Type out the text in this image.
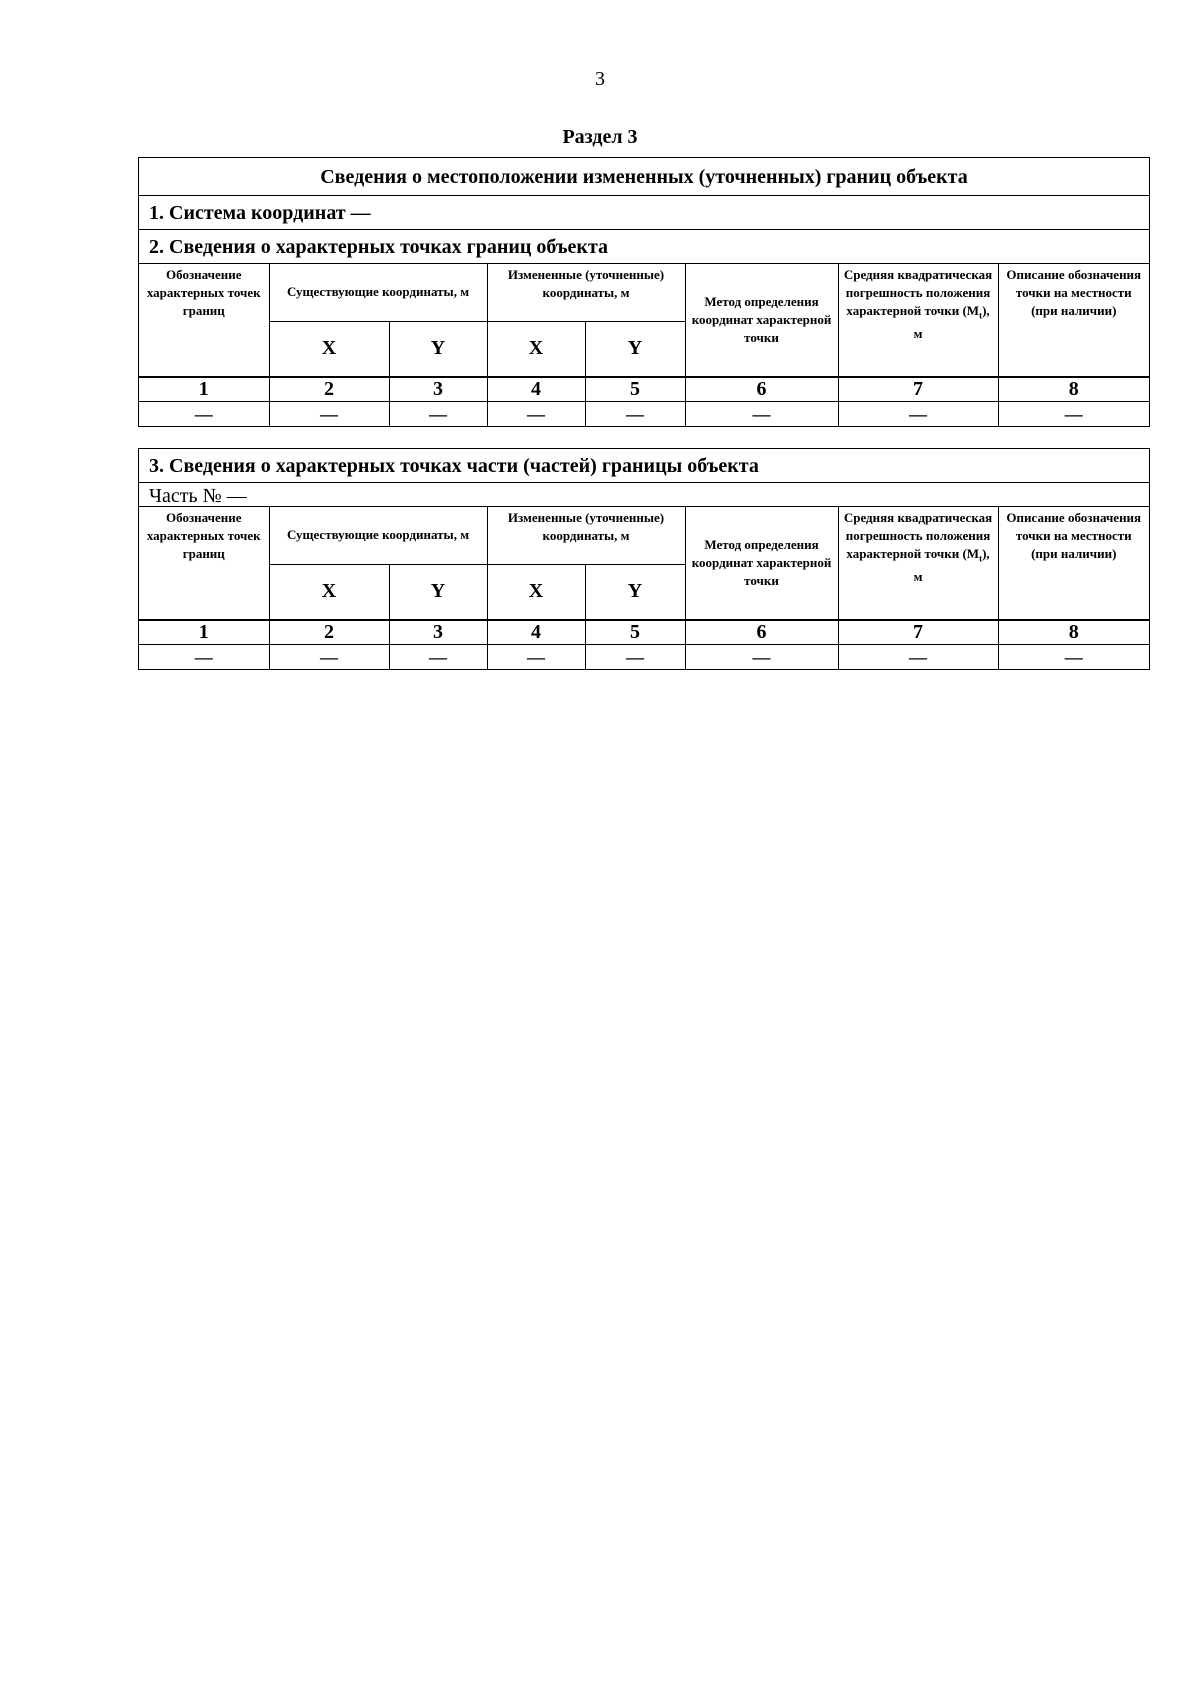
3
Раздел 3
Сведения о местоположении измененных (уточненных) границ объекта
1. Система координат —
2. Сведения о характерных точках границ объекта
Обозначение характерных точек границ	Существующие координаты, м		Измененные (уточненные) координаты, м		Метод определения координат характерной точки	Средняя квадратическая погрешность положения характерной точки $(M_t)$, м	Описание обозначения точки на местности (при наличии)
	X	Y	X	Y			
1	2	3	4	5	6	7	8
—	—	—	—	—	—	—	—
3. Сведения о характерных точках части (частей) границы объекта
Часть № —
Обозначение характерных точек границ	Существующие координаты, м		Измененные (уточненные) координаты, м		Метод определения координат характерной точки	Средняя квадратическая погрешность положения характерной точки $(M_t)$, м	Описание обозначения точки на местности (при наличии)
	X	Y	X	Y			
1	2	3	4	5	6	7	8
—	—	—	—	—	—	—	—
